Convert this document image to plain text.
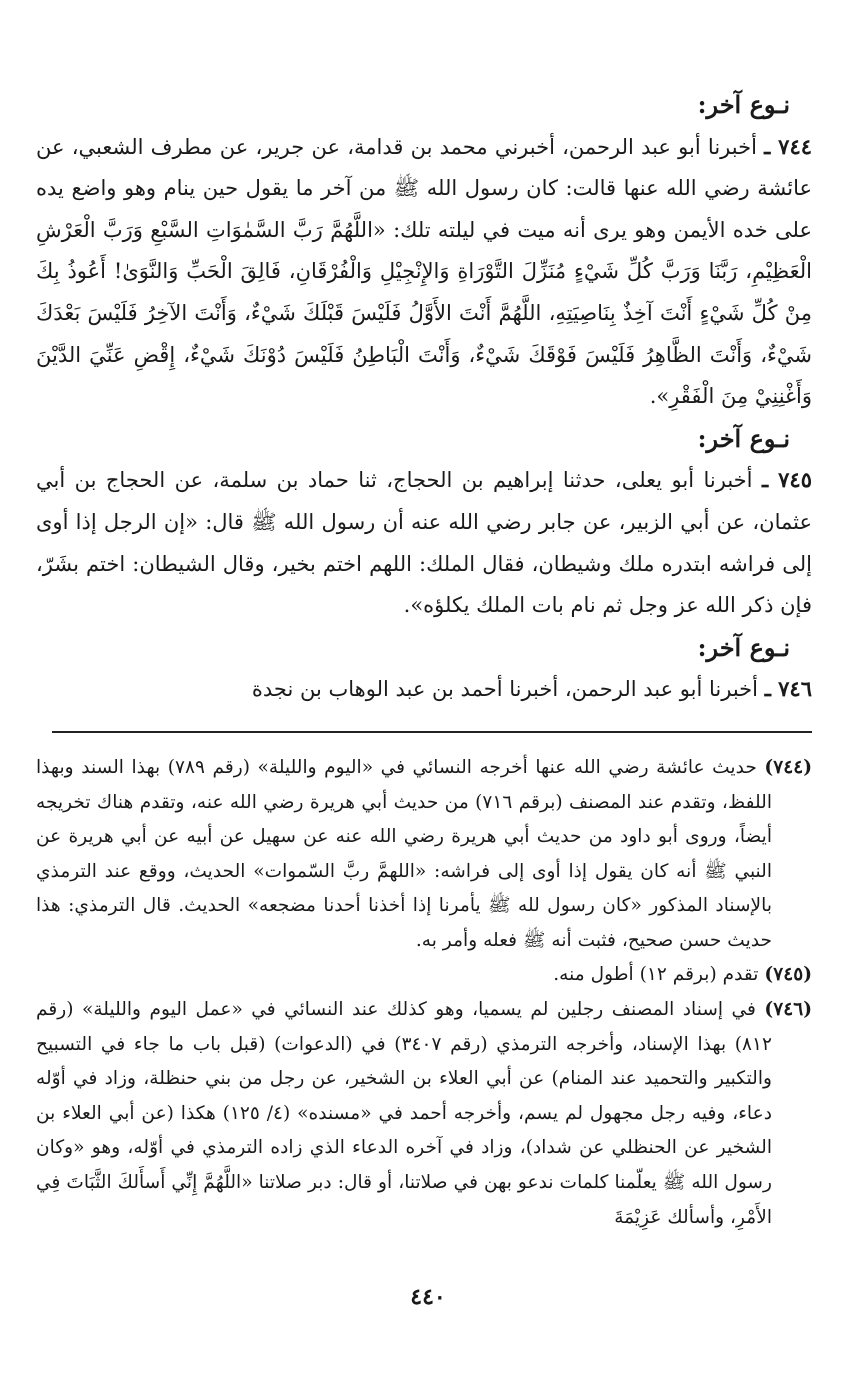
نـوع آخر:

٧٤٤ ـ أخبرنا أبو عبد الرحمن، أخبرني محمد بن قدامة، عن جرير، عن مطرف الشعبي، عن عائشة رضي الله عنها قالت: كان رسول الله ﷺ من آخر ما يقول حين ينام وهو واضع يده على خده الأيمن وهو يرى أنه ميت في ليلته تلك: «اللَّهُمَّ رَبَّ السَّمٰوَاتِ السَّبْعِ وَرَبَّ الْعَرْشِ الْعَظِيْمِ، رَبَّنَا وَرَبَّ كُلِّ شَيْءٍ مُنَزِّلَ التَّوْرَاةِ وَالإِنْجِيْلِ وَالْفُرْقَانِ، فَالِقَ الْحَبِّ وَالنَّوَىٰ! أَعُوذُ بِكَ مِنْ كُلِّ شَيْءٍ أَنْتَ آخِذٌ بِنَاصِيَتِهِ، اللَّهُمَّ أَنْتَ الأَوَّلُ فَلَيْسَ قَبْلَكَ شَيْءٌ، وَأَنْتَ الآخِرُ فَلَيْسَ بَعْدَكَ شَيْءٌ، وَأَنْتَ الظَّاهِرُ فَلَيْسَ فَوْقَكَ شَيْءٌ، وَأَنْتَ الْبَاطِنُ فَلَيْسَ دُوْنَكَ شَيْءٌ، إِقْضِ عَنِّيَ الدَّيْنَ وَأَغْنِنِيْ مِنَ الْفَقْرِ».

نـوع آخر:

٧٤٥ ـ أخبرنا أبو يعلى، حدثنا إبراهيم بن الحجاج، ثنا حماد بن سلمة، عن الحجاج بن أبي عثمان، عن أبي الزبير، عن جابر رضي الله عنه أن رسول الله ﷺ قال: «إن الرجل إذا أوى إلى فراشه ابتدره ملك وشيطان، فقال الملك: اللهم اختم بخير، وقال الشيطان: اختم بشَرّ، فإن ذكر الله عز وجل ثم نام بات الملك يكلؤه».

نـوع آخر:

٧٤٦ ـ أخبرنا أبو عبد الرحمن، أخبرنا أحمد بن عبد الوهاب بن نجدة

(٧٤٤) حديث عائشة رضي الله عنها أخرجه النسائي في «اليوم والليلة» (رقم ٧٨٩) بهذا السند وبهذا اللفظ، وتقدم عند المصنف (برقم ٧١٦) من حديث أبي هريرة رضي الله عنه، وتقدم هناك تخريجه أيضاً، وروى أبو داود من حديث أبي هريرة رضي الله عنه عن سهيل عن أبيه عن أبي هريرة عن النبي ﷺ أنه كان يقول إذا أوى إلى فراشه: «اللهمَّ ربَّ السّموات» الحديث، ووقع عند الترمذي بالإسناد المذكور «كان رسول لله ﷺ يأمرنا إذا أخذنا أحدنا مضجعه» الحديث. قال الترمذي: هذا حديث حسن صحيح، فثبت أنه ﷺ فعله وأمر به.

(٧٤٥) تقدم (برقم ١٢) أطول منه.

(٧٤٦) في إسناد المصنف رجلين لم يسميا، وهو كذلك عند النسائي في «عمل اليوم والليلة» (رقم ٨١٢) بهذا الإسناد، وأخرجه الترمذي (رقم ٣٤٠٧) في (الدعوات) (قبل باب ما جاء في التسبيح والتكبير والتحميد عند المنام) عن أبي العلاء بن الشخير، عن رجل من بني حنظلة، وزاد في أوّله دعاء، وفيه رجل مجهول لم يسم، وأخرجه أحمد في «مسنده» (٤/ ١٢٥) هكذا (عن أبي العلاء بن الشخير عن الحنظلي عن شداد)، وزاد في آخره الدعاء الذي زاده الترمذي في أوّله، وهو «وكان رسول الله ﷺ يعلّمنا كلمات ندعو بهن في صلاتنا، أو قال: دبر صلاتنا «اللَّهُمَّ إِنِّي أَسأَلكَ الثَّبَاتَ فِي الأَمْرِ، وأسألك عَزِيْمَةَ

٤٤٠
